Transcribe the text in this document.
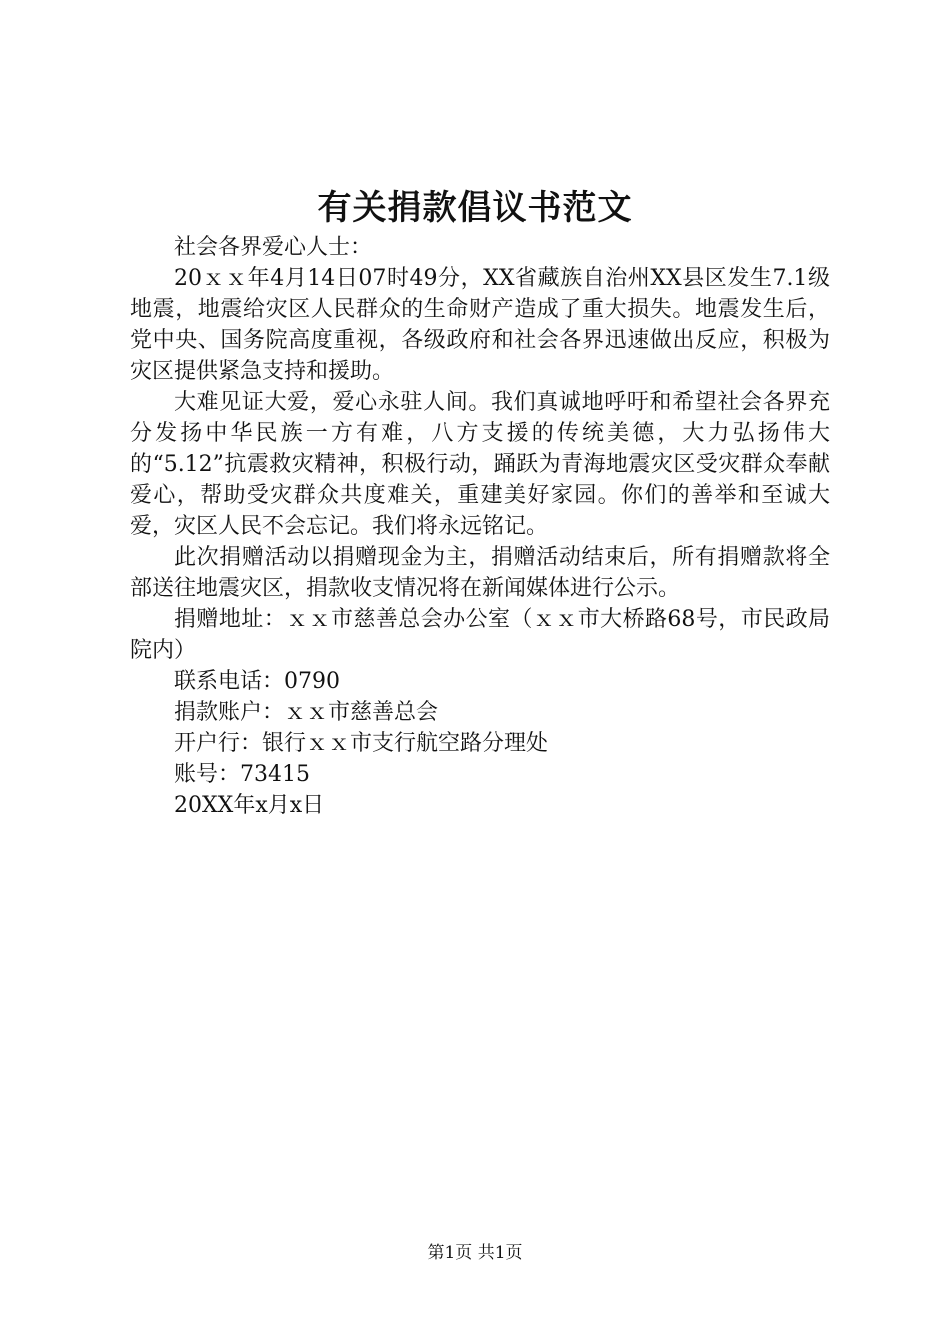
有关捐款倡议书范文

社会各界爱心人士：

20ｘｘ年4月14日07时49分，XX省藏族自治州XX县区发生7.1级地震，地震给灾区人民群众的生命财产造成了重大损失。地震发生后，党中央、国务院高度重视，各级政府和社会各界迅速做出反应，积极为灾区提供紧急支持和援助。

大难见证大爱，爱心永驻人间。我们真诚地呼吁和希望社会各界充分发扬中华民族一方有难，八方支援的传统美德，大力弘扬伟大的“5.12”抗震救灾精神，积极行动，踊跃为青海地震灾区受灾群众奉献爱心，帮助受灾群众共度难关，重建美好家园。你们的善举和至诚大爱，灾区人民不会忘记。我们将永远铭记。

此次捐赠活动以捐赠现金为主，捐赠活动结束后，所有捐赠款将全部送往地震灾区，捐款收支情况将在新闻媒体进行公示。

捐赠地址：ｘｘ市慈善总会办公室（ｘｘ市大桥路68号，市民政局院内）

联系电话：0790

捐款账户：ｘｘ市慈善总会

开户行：银行ｘｘ市支行航空路分理处

账号：73415

20XX年x月x日

第1页 共1页
